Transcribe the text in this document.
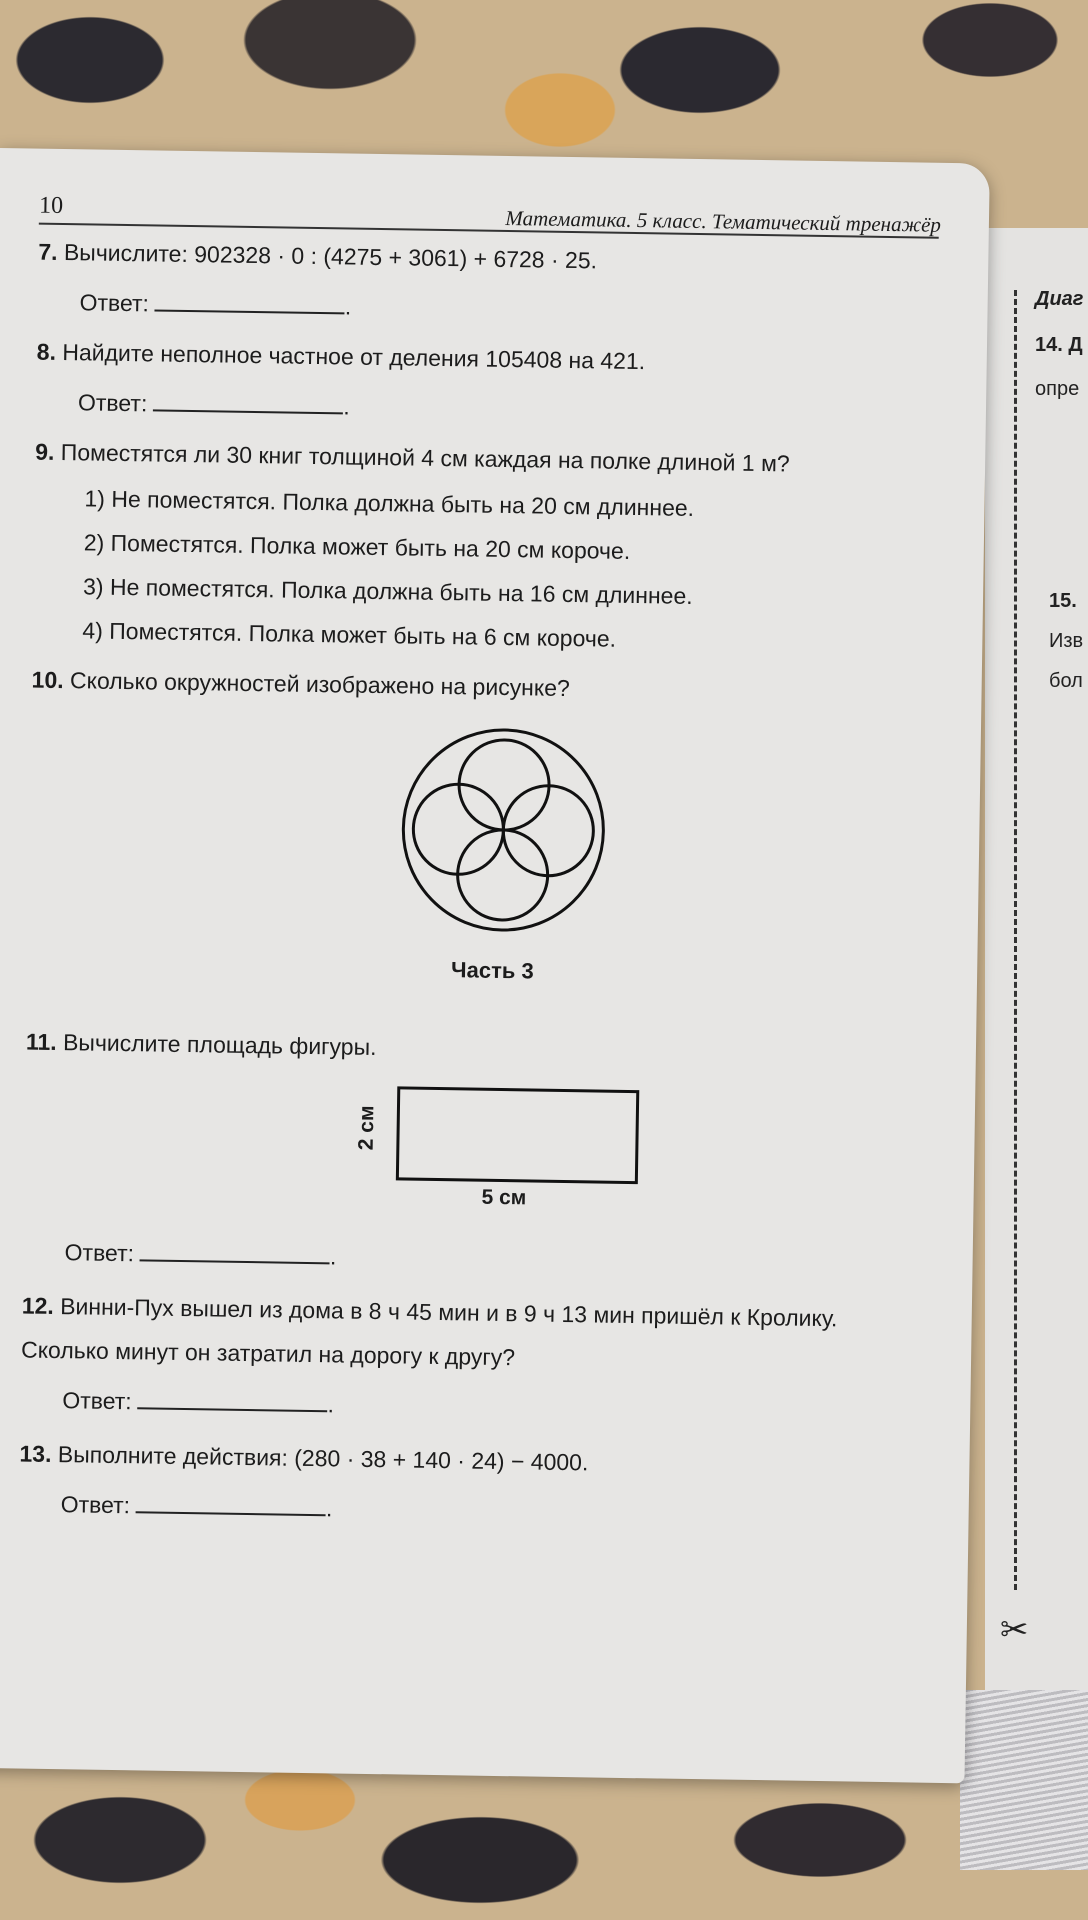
Диаг
14. Д
опре
15.
Изв
бол
✂
10
Математика. 5 класс. Тематический тренажёр
7. Вычислите: 902328 · 0 : (4275 + 3061) + 6728 · 25.
Ответ:	.
8. Найдите неполное частное от деления 105408 на 421.
Ответ:	.
9. Поместятся ли 30 книг толщиной 4 см каждая на полке длиной 1 м?
1) Не поместятся. Полка должна быть на 20 см длиннее.
2) Поместятся. Полка может быть на 20 см короче.
3) Не поместятся. Полка должна быть на 16 см длиннее.
4) Поместятся. Полка может быть на 6 см короче.
10. Сколько окружностей изображено на рисунке?
Часть 3
11. Вычислите площадь фигуры.
2 см
5 см
Ответ:	.
12. Винни-Пух вышел из дома в 8 ч 45 мин и в 9 ч 13 мин пришёл к Кролику.
Сколько минут он затратил на дорогу к другу?
Ответ:	.
13. Выполните действия: (280 · 38 + 140 · 24) − 4000.
Ответ:	.
